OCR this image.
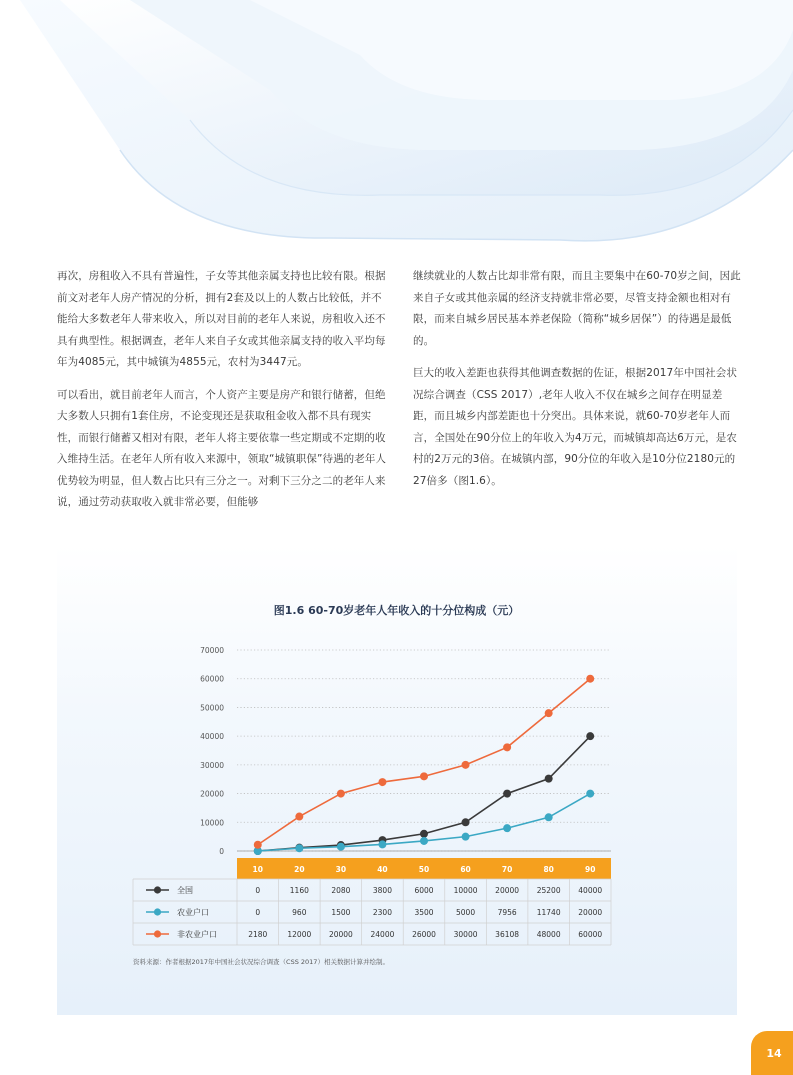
再次，房租收入不具有普遍性，子女等其他亲属支持也比较有限。根据前文对老年人房产情况的分析，拥有2套及以上的人数占比较低，并不能给大多数老年人带来收入，所以对目前的老年人来说，房租收入还不具有典型性。根据调查，老年人来自子女或其他亲属支持的收入平均每年为4085元，其中城镇为4855元，农村为3447元。

可以看出，就目前老年人而言，个人资产主要是房产和银行储蓄，但绝大多数人只拥有1套住房，不论变现还是获取租金收入都不具有现实性，而银行储蓄又相对有限，老年人将主要依靠一些定期或不定期的收入维持生活。在老年人所有收入来源中，领取“城镇职保”待遇的老年人优势较为明显，但人数占比只有三分之一。对剩下三分之二的老年人来说，通过劳动获取收入就非常必要，但能够

继续就业的人数占比却非常有限，而且主要集中在60-70岁之间，因此来自子女或其他亲属的经济支持就非常必要，尽管支持金额也相对有限，而来自城乡居民基本养老保险（简称“城乡居保”）的待遇是最低的。

巨大的收入差距也获得其他调查数据的佐证，根据2017年中国社会状况综合调查（CSS 2017）,老年人收入不仅在城乡之间存在明显差距，而且城乡内部差距也十分突出。具体来说，就60-70岁老年人而言，全国处在90分位上的年收入为4万元，而城镇却高达6万元，是农村的2万元的3倍。在城镇内部，90分位的年收入是10分位2180元的27倍多（图1.6）。

图1.6 60-70岁老年人年收入的十分位构成（元）
0
10000
20000
30000
40000
50000
60000
70000
10	20	30	40	50	60	70	80	90
全国	0	1160	2080	3800	6000	10000 20000 25200 40000
农业户口	0	960	1500	2300	3500	5000	7956	11740 20000
非农业户口	2180	12000 20000 24000 26000 30000 36108 48000 60000
资料来源：作者根据2017年中国社会状况综合调查（CSS 2017）相关数据计算并绘制。
14
